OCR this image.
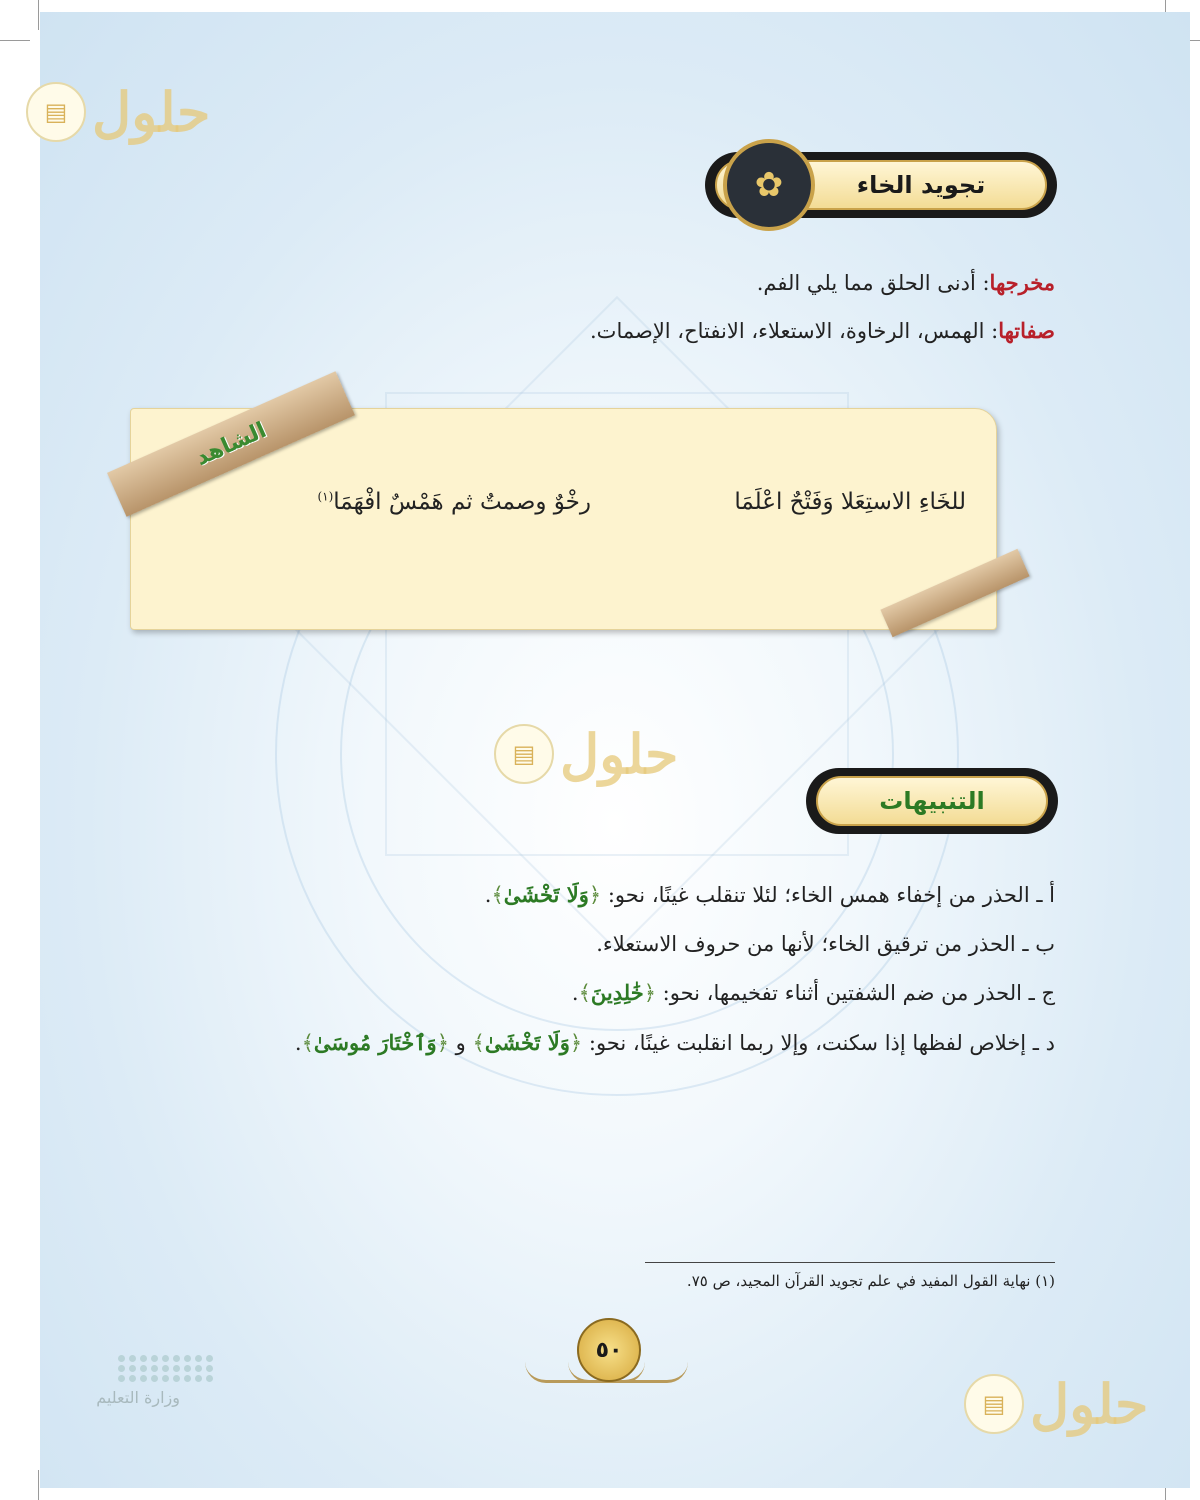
▤ حلول
▤ حلول
▤ حلول
تجويد الخاء
✿
مخرجها: أدنى الحلق مما يلي الفم.
صفاتها: الهمس، الرخاوة، الاستعلاء، الانفتاح، الإصمات.
للخَاءِ الاستِعَلا وَفَتْحٌ اعْلَمَا
رخْوٌ وصمتٌ ثم هَمْسٌ افْهَمَا$^{(١)}$
الشاهد
التنبيهات
أ ـ الحذر من إخفاء همس الخاء؛ لئلا تنقلب غينًا، نحو: ﴿وَلَا تَخْشَىٰ﴾.
ب ـ الحذر من ترقيق الخاء؛ لأنها من حروف الاستعلاء.
ج ـ الحذر من ضم الشفتين أثناء تفخيمها، نحو: ﴿خَٰلِدِينَ﴾.
د ـ إخلاص لفظها إذا سكنت، وإلا ربما انقلبت غينًا، نحو: ﴿وَلَا تَخْشَىٰ﴾ و ﴿وَٱخْتَارَ مُوسَىٰ﴾.
(١) نهاية القول المفيد في علم تجويد القرآن المجيد، ص ٧٥.
٥٠
وزارة التعليم
